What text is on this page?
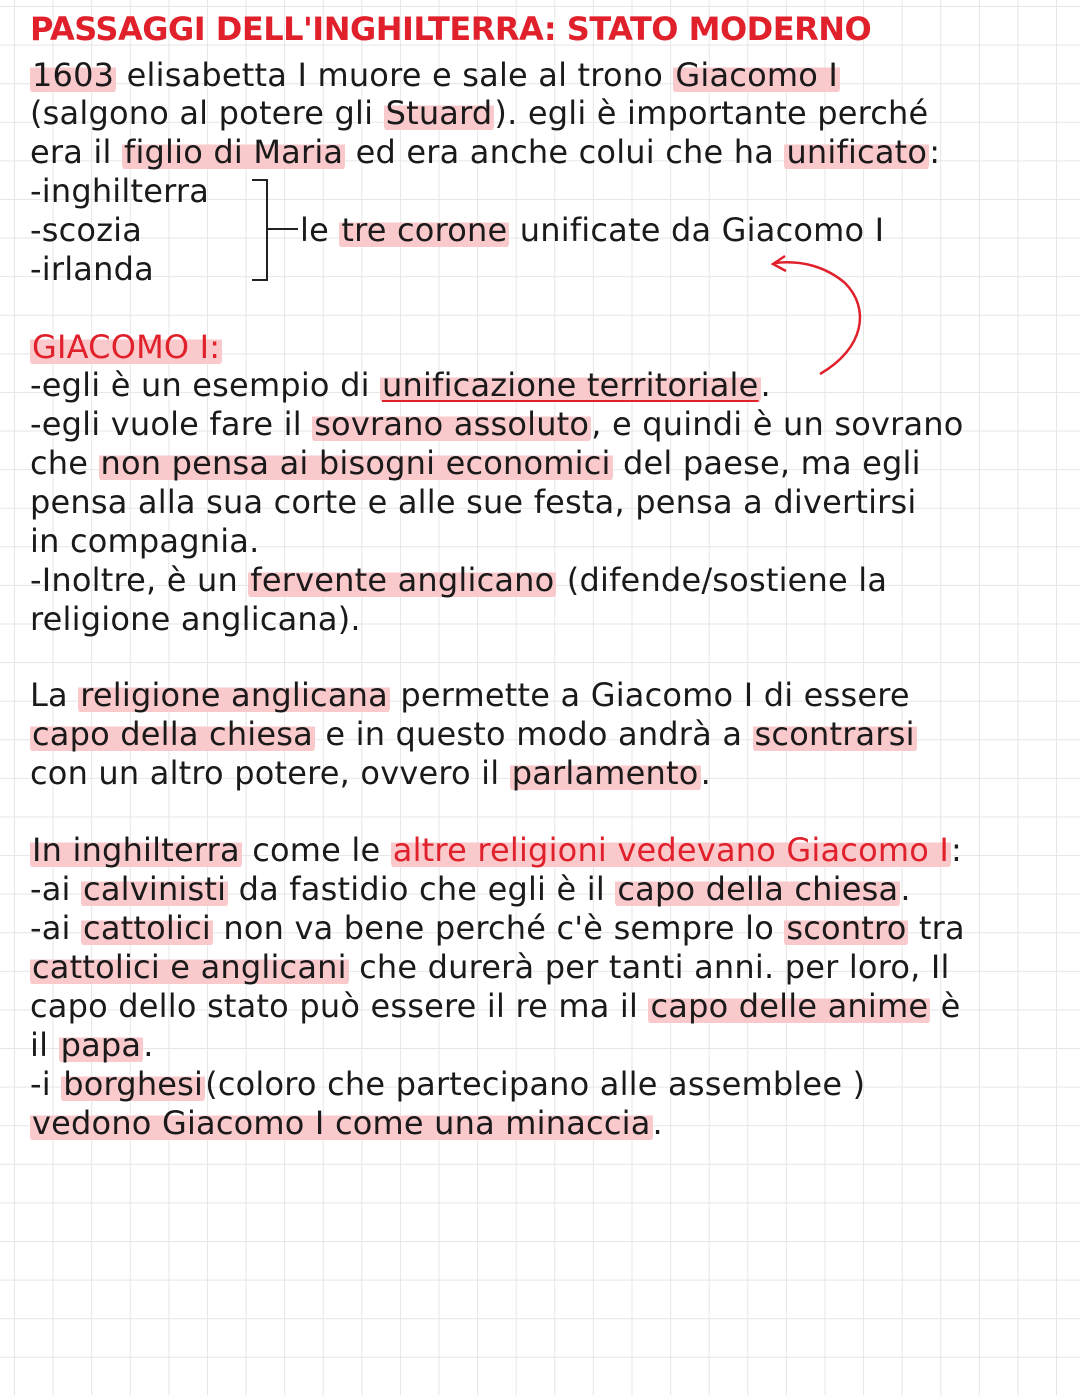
PASSAGGI DELL'INGHILTERRA: STATO MODERNO
1603 elisabetta I muore e sale al trono Giacomo I
(salgono al potere gli Stuard). egli è importante perché
era il figlio di Maria ed era anche colui che ha unificato:
-inghilterra
-scozia
-irlanda
le tre corone unificate da Giacomo I
GIACOMO I:
-egli è un esempio di unificazione territoriale.
-egli vuole fare il sovrano assoluto, e quindi è un sovrano
che non pensa ai bisogni economici del paese, ma egli
pensa alla sua corte e alle sue festa, pensa a divertirsi
in compagnia.
-Inoltre, è un fervente anglicano (difende/sostiene la
religione anglicana).
La religione anglicana permette a Giacomo I di essere
capo della chiesa e in questo modo andrà a scontrarsi
con un altro potere, ovvero il parlamento.
In inghilterra come le altre religioni vedevano Giacomo I:
-ai calvinisti da fastidio che egli è il capo della chiesa.
-ai cattolici non va bene perché c'è sempre lo scontro tra
cattolici e anglicani che durerà per tanti anni. per loro, Il
capo dello stato può essere il re ma il capo delle anime è
il papa.
-i borghesi(coloro che partecipano alle assemblee )
vedono Giacomo I come una minaccia.
